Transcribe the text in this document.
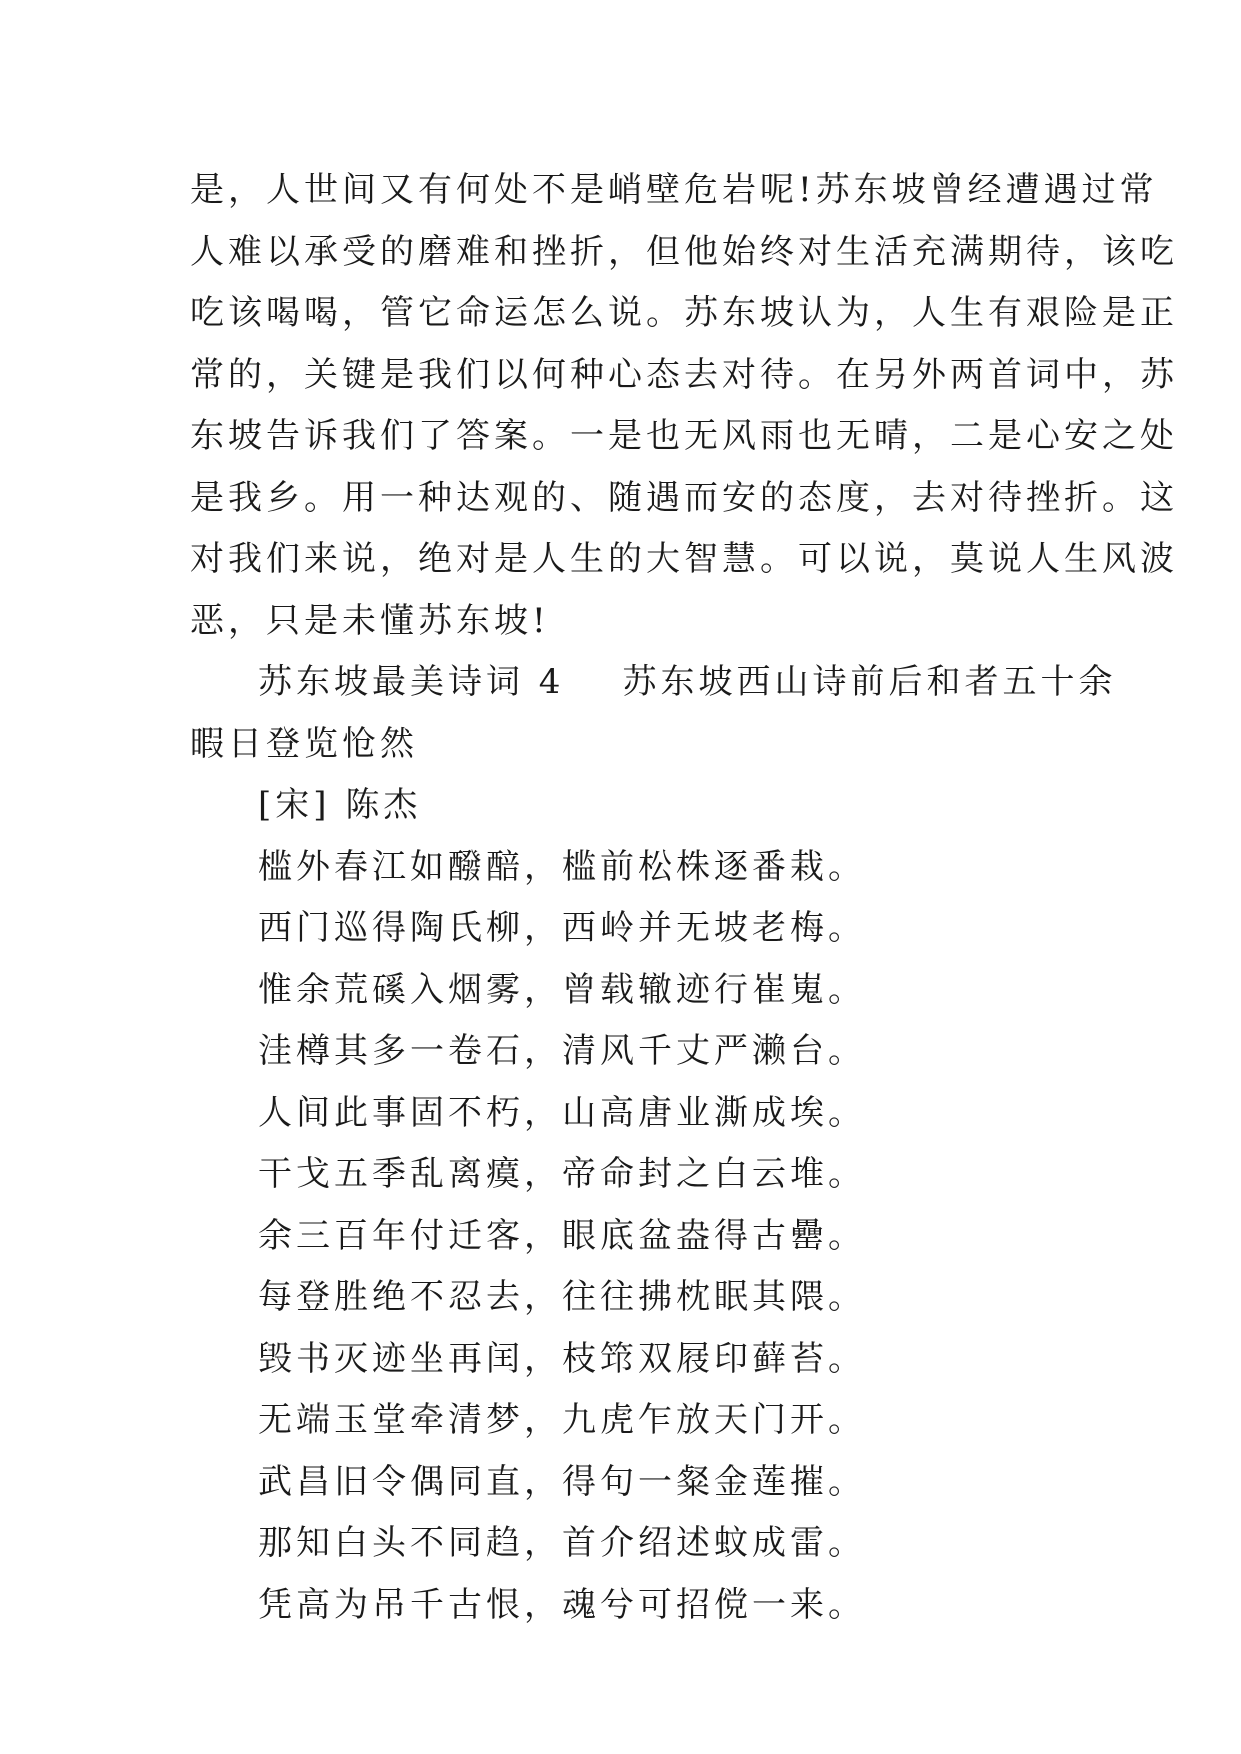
是，人世间又有何处不是峭壁危岩呢!苏东坡曾经遭遇过常

人难以承受的磨难和挫折，但他始终对生活充满期待，该吃

吃该喝喝，管它命运怎么说。苏东坡认为，人生有艰险是正

常的，关键是我们以何种心态去对待。在另外两首词中，苏

东坡告诉我们了答案。一是也无风雨也无晴，二是心安之处

是我乡。用一种达观的、随遇而安的态度，去对待挫折。这

对我们来说，绝对是人生的大智慧。可以说，莫说人生风波

恶，只是未懂苏东坡!

苏东坡最美诗词 4 苏东坡西山诗前后和者五十余

暇日登览怆然

[宋] 陈杰

槛外春江如醱醅，槛前松株逐番栽。
西门巡得陶氏柳，西岭并无坡老梅。
惟余荒磎入烟雾，曾载辙迹行崔嵬。
洼樽其多一卷石，清风千丈严濑台。
人间此事固不朽，山高唐业澌成埃。
干戈五季乱离瘼，帝命封之白云堆。
余三百年付迁客，眼底盆盎得古罍。
每登胜绝不忍去，往往拂枕眠其隈。
毁书灭迹坐再闰，枝筇双屐印藓苔。
无端玉堂牵清梦，九虎乍放天门开。
武昌旧令偶同直，得句一粲金莲摧。
那知白头不同趋，首介绍述蚊成雷。
凭高为吊千古恨，魂兮可招傥一来。
